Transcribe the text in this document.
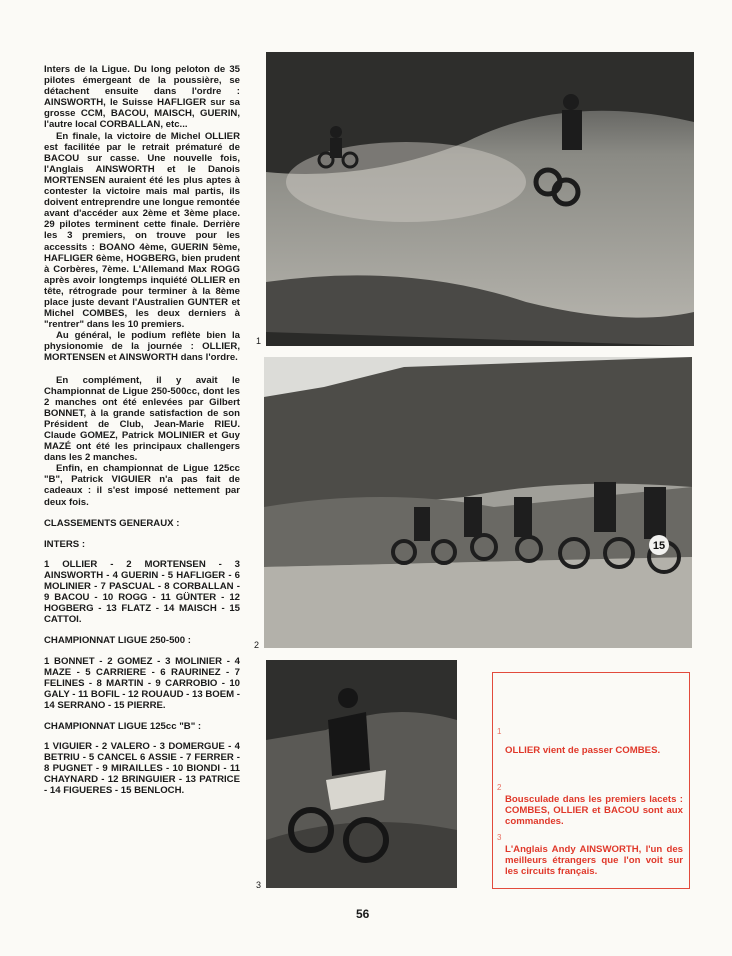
Inters de la Ligue. Du long peloton de 35 pilotes émergeant de la poussière, se détachent ensuite dans l'ordre : AINSWORTH, le Suisse HAFLIGER sur sa grosse CCM, BACOU, MAISCH, GUERIN, l'autre local CORBALLAN, etc...

En finale, la victoire de Michel OLLIER est facilitée par le retrait prématuré de BACOU sur casse. Une nouvelle fois, l'Anglais AINSWORTH et le Danois MORTENSEN auraient été les plus aptes à contester la victoire mais mal partis, ils doivent entreprendre une longue remontée avant d'accéder aux 2ème et 3ème place. 29 pilotes terminent cette finale. Derrière les 3 premiers, on trouve pour les accessits : BOANO 4ème, GUERIN 5ème, HAFLIGER 6ème, HOGBERG, bien prudent à Corbères, 7ème. L'Allemand Max ROGG après avoir longtemps inquiété OLLIER en tête, rétrograde pour terminer à la 8ème place juste devant l'Australien GUNTER et Michel COMBES, les deux derniers à "rentrer" dans les 10 premiers.

Au général, le podium reflète bien la physionomie de la journée : OLLIER, MORTENSEN et AINSWORTH dans l'ordre.

En complément, il y avait le Championnat de Ligue 250-500cc, dont les 2 manches ont été enlevées par Gilbert BONNET, à la grande satisfaction de son Président de Club, Jean-Marie RIEU. Claude GOMEZ, Patrick MOLINIER et Guy MAZÉ ont été les principaux challengers dans les 2 manches.

Enfin, en championnat de Ligue 125cc "B", Patrick VIGUIER n'a pas fait de cadeaux : il s'est imposé nettement par deux fois.

CLASSEMENTS GENERAUX :
INTERS :

1 OLLIER - 2 MORTENSEN - 3 AINSWORTH - 4 GUERIN - 5 HAFLIGER - 6 MOLINIER - 7 PASCUAL - 8 CORBALLAN - 9 BACOU - 10 ROGG - 11 GÜNTER - 12 HOGBERG - 13 FLATZ - 14 MAISCH - 15 CATTOI.

CHAMPIONNAT LIGUE 250-500 :

1 BONNET - 2 GOMEZ - 3 MOLINIER - 4 MAZE - 5 CARRIERE - 6 RAURINEZ - 7 FELINES - 8 MARTIN - 9 CARROBIO - 10 GALY - 11 BOFIL - 12 ROUAUD - 13 BOEM - 14 SERRANO - 15 PIERRE.

CHAMPIONNAT LIGUE 125cc "B" :

1 VIGUIER - 2 VALERO - 3 DOMERGUE - 4 BETRIU - 5 CANCEL 6 ASSIE - 7 FERRER - 8 PUGNET - 9 MIRAILLES - 10 BIONDI - 11 CHAYNARD - 12 BRINGUIER - 13 PATRICE - 14 FIGUERES - 15 BENLOCH.

1
15
2
3
1
OLLIER vient de passer COMBES.
2
Bousculade dans les premiers lacets : COMBES, OLLIER et BACOU sont aux commandes.
3
L'Anglais Andy AINSWORTH, l'un des meilleurs étrangers que l'on voit sur les circuits français.
56
